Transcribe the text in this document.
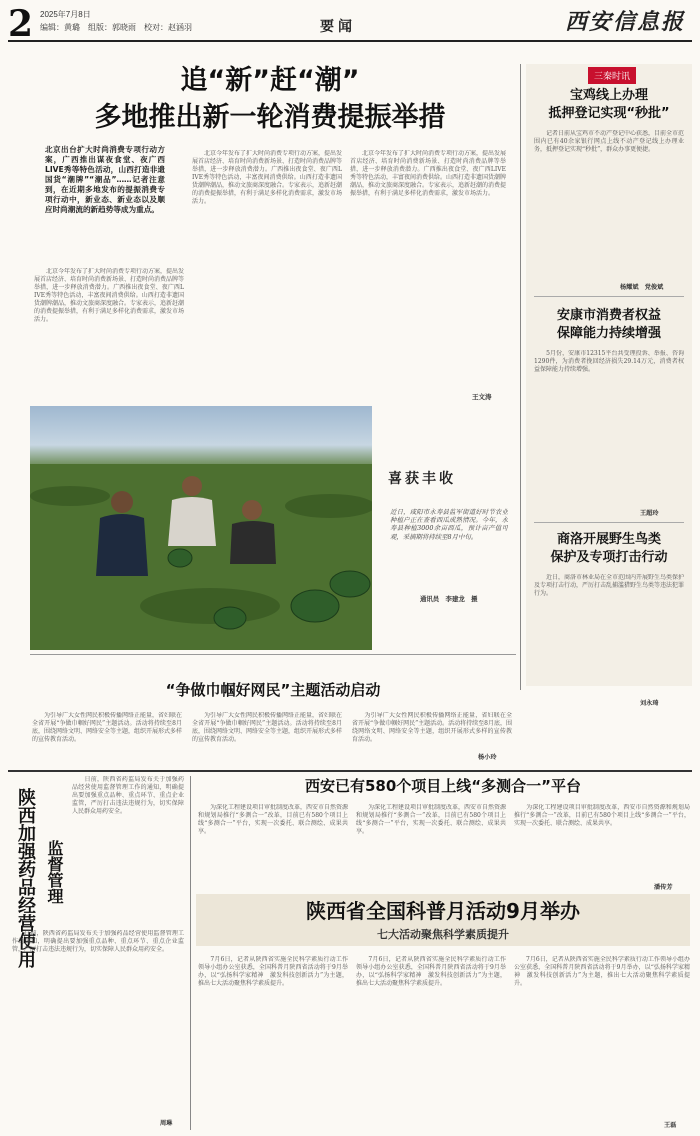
2 2025年7月8日
编辑：黄璐　组版：郭晓雨　校对：赵涵羽	要闻	西安信息报
追“新”赶“潮”
多地推出新一轮消费提振举措
北京出台扩大时尚消费专项行动方案，广西推出谋夜食堂、夜广西LIVE秀等特色活动，山西打造非遗国货“潮牌”“潮品”……记者注意到，在近期多地发布的提振消费专项行动中，新业态、新业态以及顺应时尚潮流的新趋势等成为重点。
　　北京今年发布了扩大时尚消费专项行动方案，提出发展首店经济、培育时尚消费新场景、打造时尚消费品牌等举措，进一步释放消费潜力。广西推出夜食堂、夜广西LIVE秀等特色活动，丰富夜间消费供给。山西打造非遗国货潮牌潮品，推动文旅商深度融合。专家表示，追新赶潮的消费提振举措，有利于满足多样化消费需求，激发市场活力。
　　北京今年发布了扩大时尚消费专项行动方案，提出发展首店经济、培育时尚消费新场景、打造时尚消费品牌等举措，进一步释放消费潜力。广西推出夜食堂、夜广西LIVE秀等特色活动，丰富夜间消费供给。山西打造非遗国货潮牌潮品，推动文旅商深度融合。专家表示，追新赶潮的消费提振举措，有利于满足多样化消费需求，激发市场活力。
　　北京今年发布了扩大时尚消费专项行动方案，提出发展首店经济、培育时尚消费新场景、打造时尚消费品牌等举措，进一步释放消费潜力。广西推出夜食堂、夜广西LIVE秀等特色活动，丰富夜间消费供给。山西打造非遗国货潮牌潮品，推动文旅商深度融合。专家表示，追新赶潮的消费提振举措，有利于满足多样化消费需求，激发市场活力。
王文涛
喜获丰收
近日，咸阳市永寿县监军街道好时节农业种植户正在查看西瓜成熟情况。今年，永寿县种植3000余亩西瓜，预计亩产值可观，采摘期将持续至8月中旬。
通讯员　李建龙　摄
三秦时讯
宝鸡线上办理
抵押登记实现“秒批”
　　记者日前从宝鸡市不动产登记中心获悉，目前全市范围内已有40余家银行网点上线不动产登记线上办理业务，抵押登记实现“秒批”，群众办事更便捷。
杨耀斌　党俊斌
安康市消费者权益
保障能力持续增强
　　5月份，安康市12315平台共受理投诉、举报、咨询1290件，为消费者挽回经济损失29.14万元，消费者权益保障能力持续增强。
王超玲
商洛开展野生鸟类
保护及专项打击行动
　　近日，商洛市林业局在全市范围内开展野生鸟类保护及专项打击行动，严厉打击乱捕滥猎野生鸟类等违法犯罪行为。
刘永琦
“争做巾帼好网民”主题活动启动
　　为引导广大女性网民积极传播网络正能量，省妇联在全省开展“争做巾帼好网民”主题活动。活动将持续至8月底，围绕网络文明、网络安全等主题，组织开展形式多样的宣传教育活动。
　　为引导广大女性网民积极传播网络正能量，省妇联在全省开展“争做巾帼好网民”主题活动。活动将持续至8月底，围绕网络文明、网络安全等主题，组织开展形式多样的宣传教育活动。
　　为引导广大女性网民积极传播网络正能量，省妇联在全省开展“争做巾帼好网民”主题活动。活动将持续至8月底，围绕网络文明、网络安全等主题，组织开展形式多样的宣传教育活动。
杨小玲
陕西加强药品经营使用 监督管理
　　日前，陕西省药监局发布关于加强药品经营使用监督管理工作的通知，明确提出要加强重点品种、重点环节、重点企业监管，严厉打击违法违规行为，切实保障人民群众用药安全。
　　日前，陕西省药监局发布关于加强药品经营使用监督管理工作的通知，明确提出要加强重点品种、重点环节、重点企业监管，严厉打击违法违规行为，切实保障人民群众用药安全。
周琳
西安已有580个项目上线“多测合一”平台
　　为深化工程建设项目审批制度改革，西安市自然资源和规划局推行“多测合一”改革，目前已有580个项目上线“多测合一”平台，实现一次委托、联合测绘、成果共享。
　　为深化工程建设项目审批制度改革，西安市自然资源和规划局推行“多测合一”改革，目前已有580个项目上线“多测合一”平台，实现一次委托、联合测绘、成果共享。
　　为深化工程建设项目审批制度改革，西安市自然资源和规划局推行“多测合一”改革，目前已有580个项目上线“多测合一”平台，实现一次委托、联合测绘、成果共享。
潘传芳
陕西省全国科普月活动9月举办
七大活动聚焦科学素质提升
　　7月6日，记者从陕西省实施全民科学素质行动工作领导小组办公室获悉，全国科普月陕西省活动将于9月举办，以“弘扬科学家精神　激发科技创新活力”为主题，推出七大活动聚焦科学素质提升。
　　7月6日，记者从陕西省实施全民科学素质行动工作领导小组办公室获悉，全国科普月陕西省活动将于9月举办，以“弘扬科学家精神　激发科技创新活力”为主题，推出七大活动聚焦科学素质提升。
　　7月6日，记者从陕西省实施全民科学素质行动工作领导小组办公室获悉，全国科普月陕西省活动将于9月举办，以“弘扬科学家精神　激发科技创新活力”为主题，推出七大活动聚焦科学素质提升。
王磊
